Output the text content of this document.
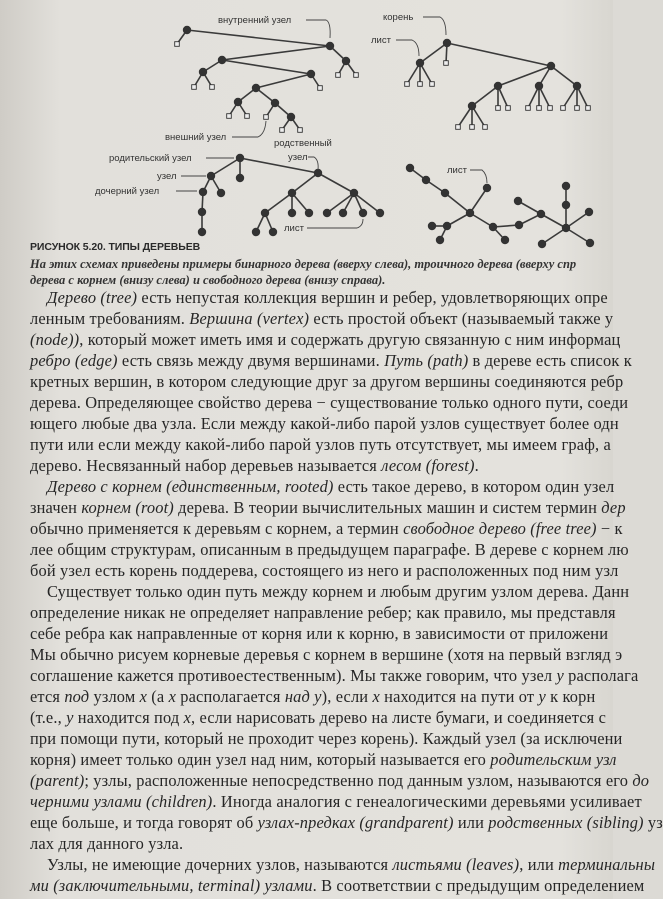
внутренний узел	корень
лист
внешний узел
родственный
узел
родительский узел
узел
дочерний узел
лист
лист
РИСУНОК 5.20. ТИПЫ ДЕРЕВЬЕВ
На этих схемах приведены примеры бинарного дерева (вверху слева), троичного дерева (вверху спр
дерева с корнем (внизу слева) и свободного дерева (внизу справа).
Дерево (tree) есть непустая коллекция вершин и ребер, удовлетворяющих опре
ленным требованиям. Вершина (vertex) есть простой объект (называемый также у
(node)), который может иметь имя и содержать другую связанную с ним информац
ребро (edge) есть связь между двумя вершинами. Путь (path) в дереве есть список к
кретных вершин, в котором следующие друг за другом вершины соединяются ребр
дерева. Определяющее свойство дерева − существование только одного пути, соеди
ющего любые два узла. Если между какой-либо парой узлов существует более одн
пути или если между какой-либо парой узлов путь отсутствует, мы имеем граф, а
дерево. Несвязанный набор деревьев называется лесом (forest).
Дерево с корнем (единственным, rooted) есть такое дерево, в котором один узел
значен корнем (root) дерева. В теории вычислительных машин и систем термин дер
обычно применяется к деревьям с корнем, а термин свободное дерево (free tree) − к
лее общим структурам, описанным в предыдущем параграфе. В дереве с корнем лю
бой узел есть корень поддерева, состоящего из него и расположенных под ним узл
Существует только один путь между корнем и любым другим узлом дерева. Данн
определение никак не определяет направление ребер; как правило, мы представля
себе ребра как направленные от корня или к корню, в зависимости от приложени
Мы обычно рисуем корневые деревья с корнем в вершине (хотя на первый взгляд э
соглашение кажется противоестественным). Мы также говорим, что узел y располага
ется под узлом x (а x располагается над y), если x находится на пути от y к корн
(т.е., y находится под x, если нарисовать дерево на листе бумаги, и соединяется с
при помощи пути, который не проходит через корень). Каждый узел (за исключени
корня) имеет только один узел над ним, который называется его родительским узл
(parent); узлы, расположенные непосредственно под данным узлом, называются его до
черними узлами (children). Иногда аналогия с генеалогическими деревьями усиливает
еще больше, и тогда говорят об узлах-предках (grandparent) или родственных (sibling) уз
лах для данного узла.
Узлы, не имеющие дочерних узлов, называются листьями (leaves), или терминальны
ми (заключительными, terminal) узлами. В соответствии с предыдущим определением
